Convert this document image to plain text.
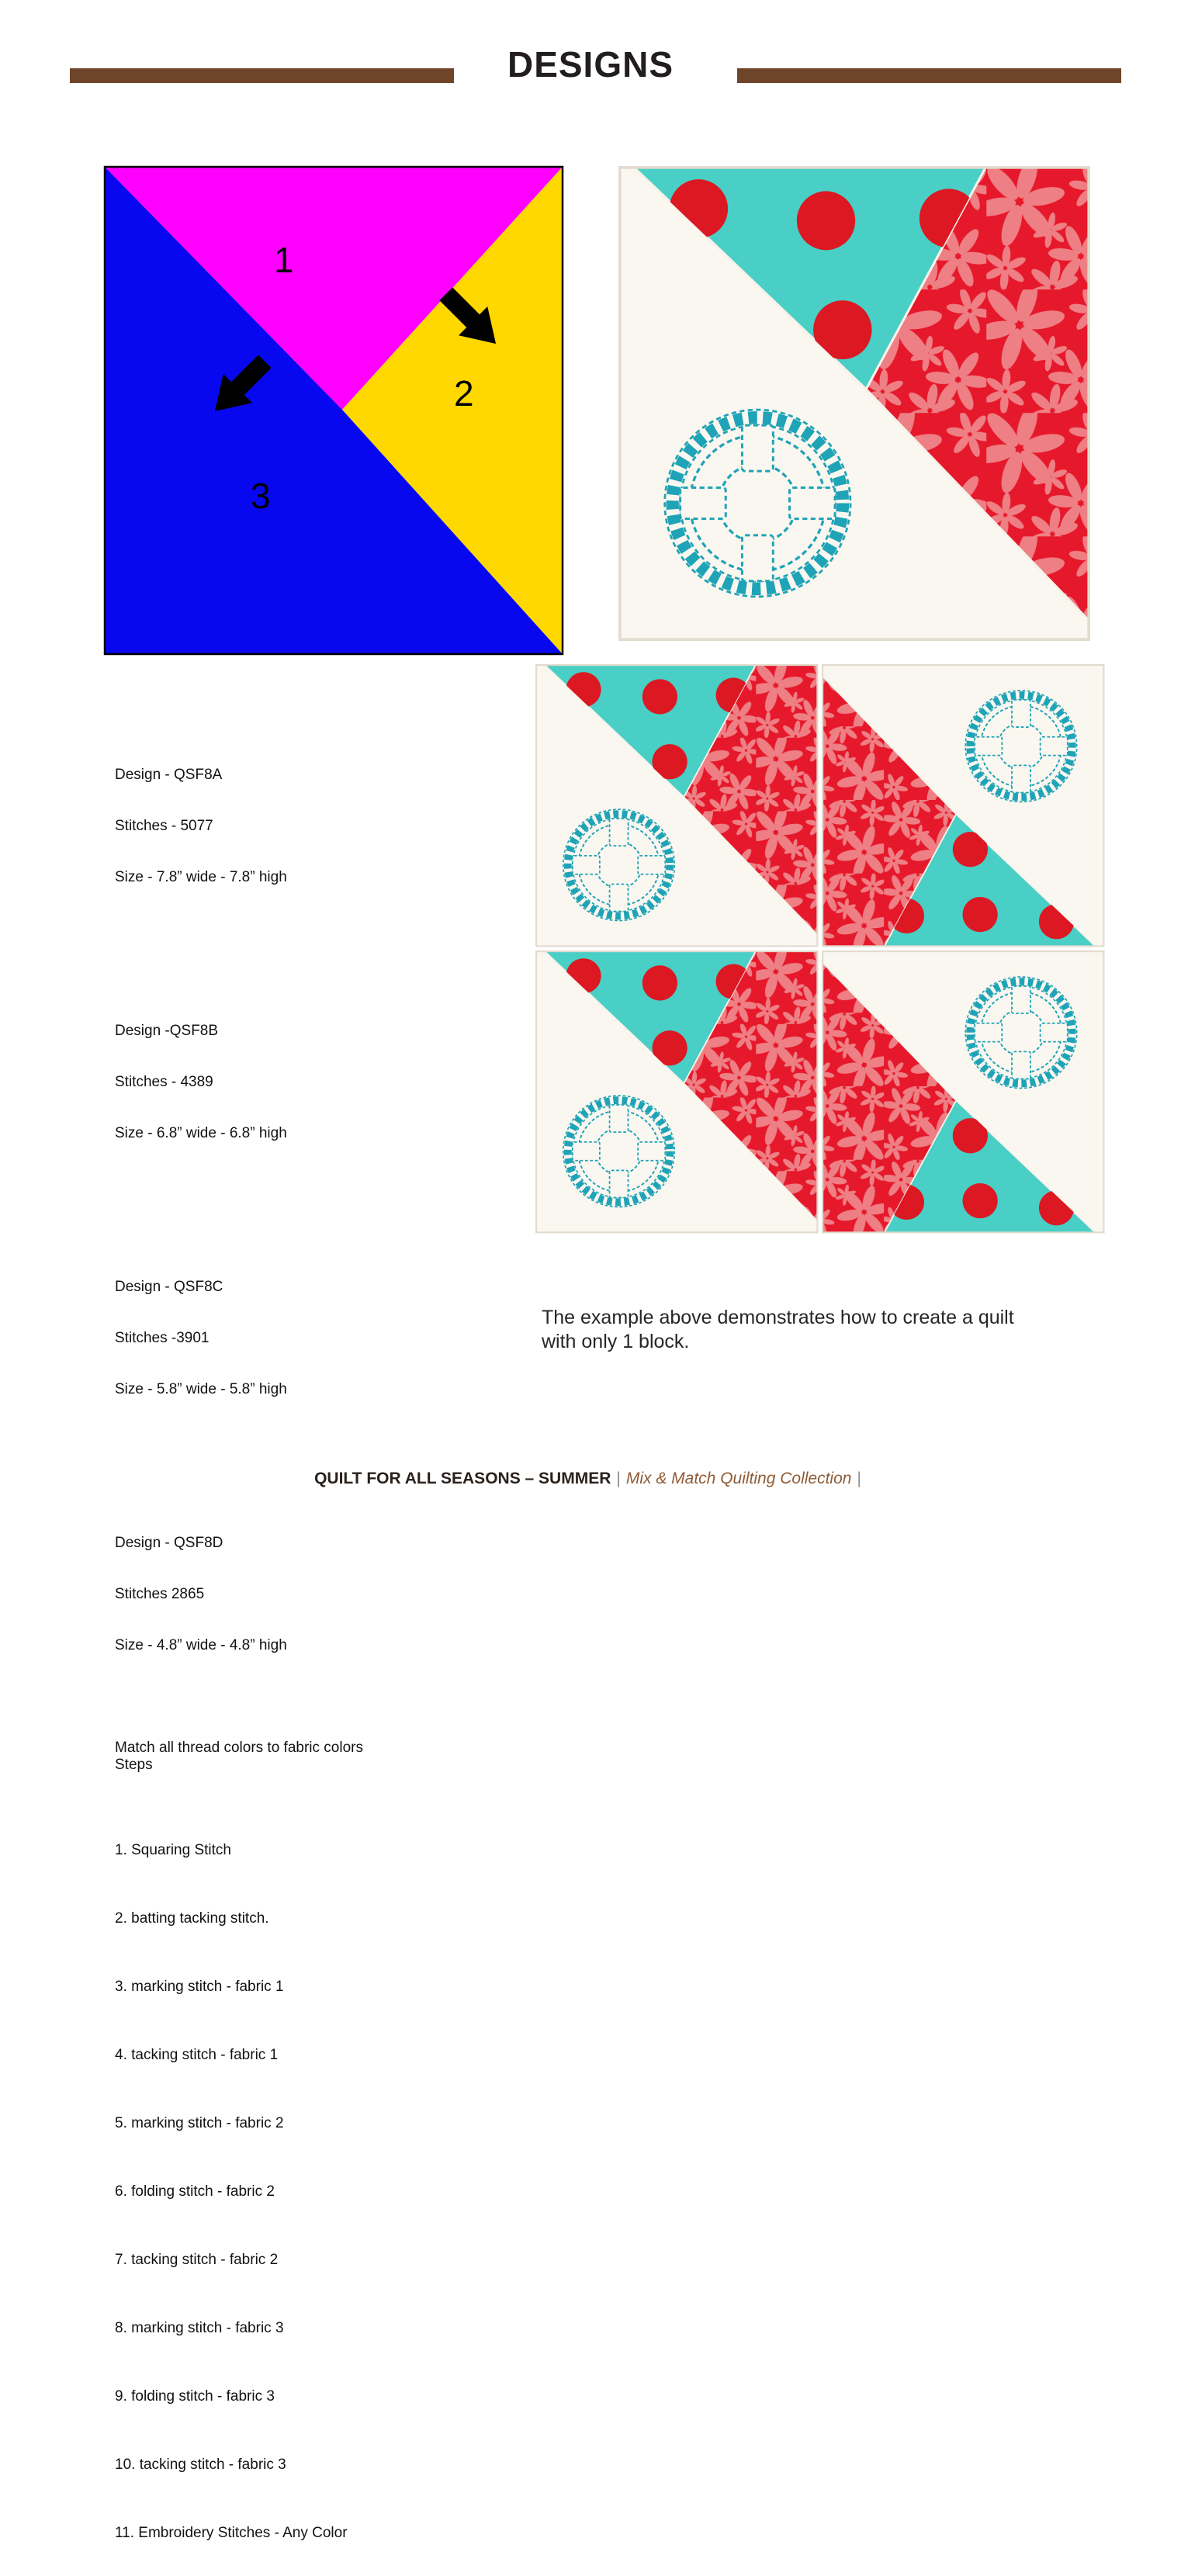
DESIGNS
1
2
3

Design - QSF8A

Stitches - 5077

Size - 7.8” wide - 7.8” high

Design -QSF8B

Stitches - 4389

Size - 6.8” wide - 6.8” high

Design - QSF8C

Stitches -3901

Size - 5.8” wide - 5.8” high

Design - QSF8D

Stitches 2865

Size - 4.8” wide - 4.8” high

Match all thread colors to fabric colors
Steps

1. Squaring Stitch

2. batting tacking stitch.

3. marking stitch - fabric 1

4. tacking stitch - fabric 1

5. marking stitch - fabric 2

6. folding stitch - fabric 2

7. tacking stitch - fabric 2

8. marking stitch - fabric 3

9. folding stitch - fabric 3

10. tacking stitch - fabric 3

11. Embroidery Stitches - Any Color

The example above demonstrates how to create a quilt
with only 1 block.

QUILT FOR ALL SEASONS – SUMMER | Mix & Match Quilting Collection |
